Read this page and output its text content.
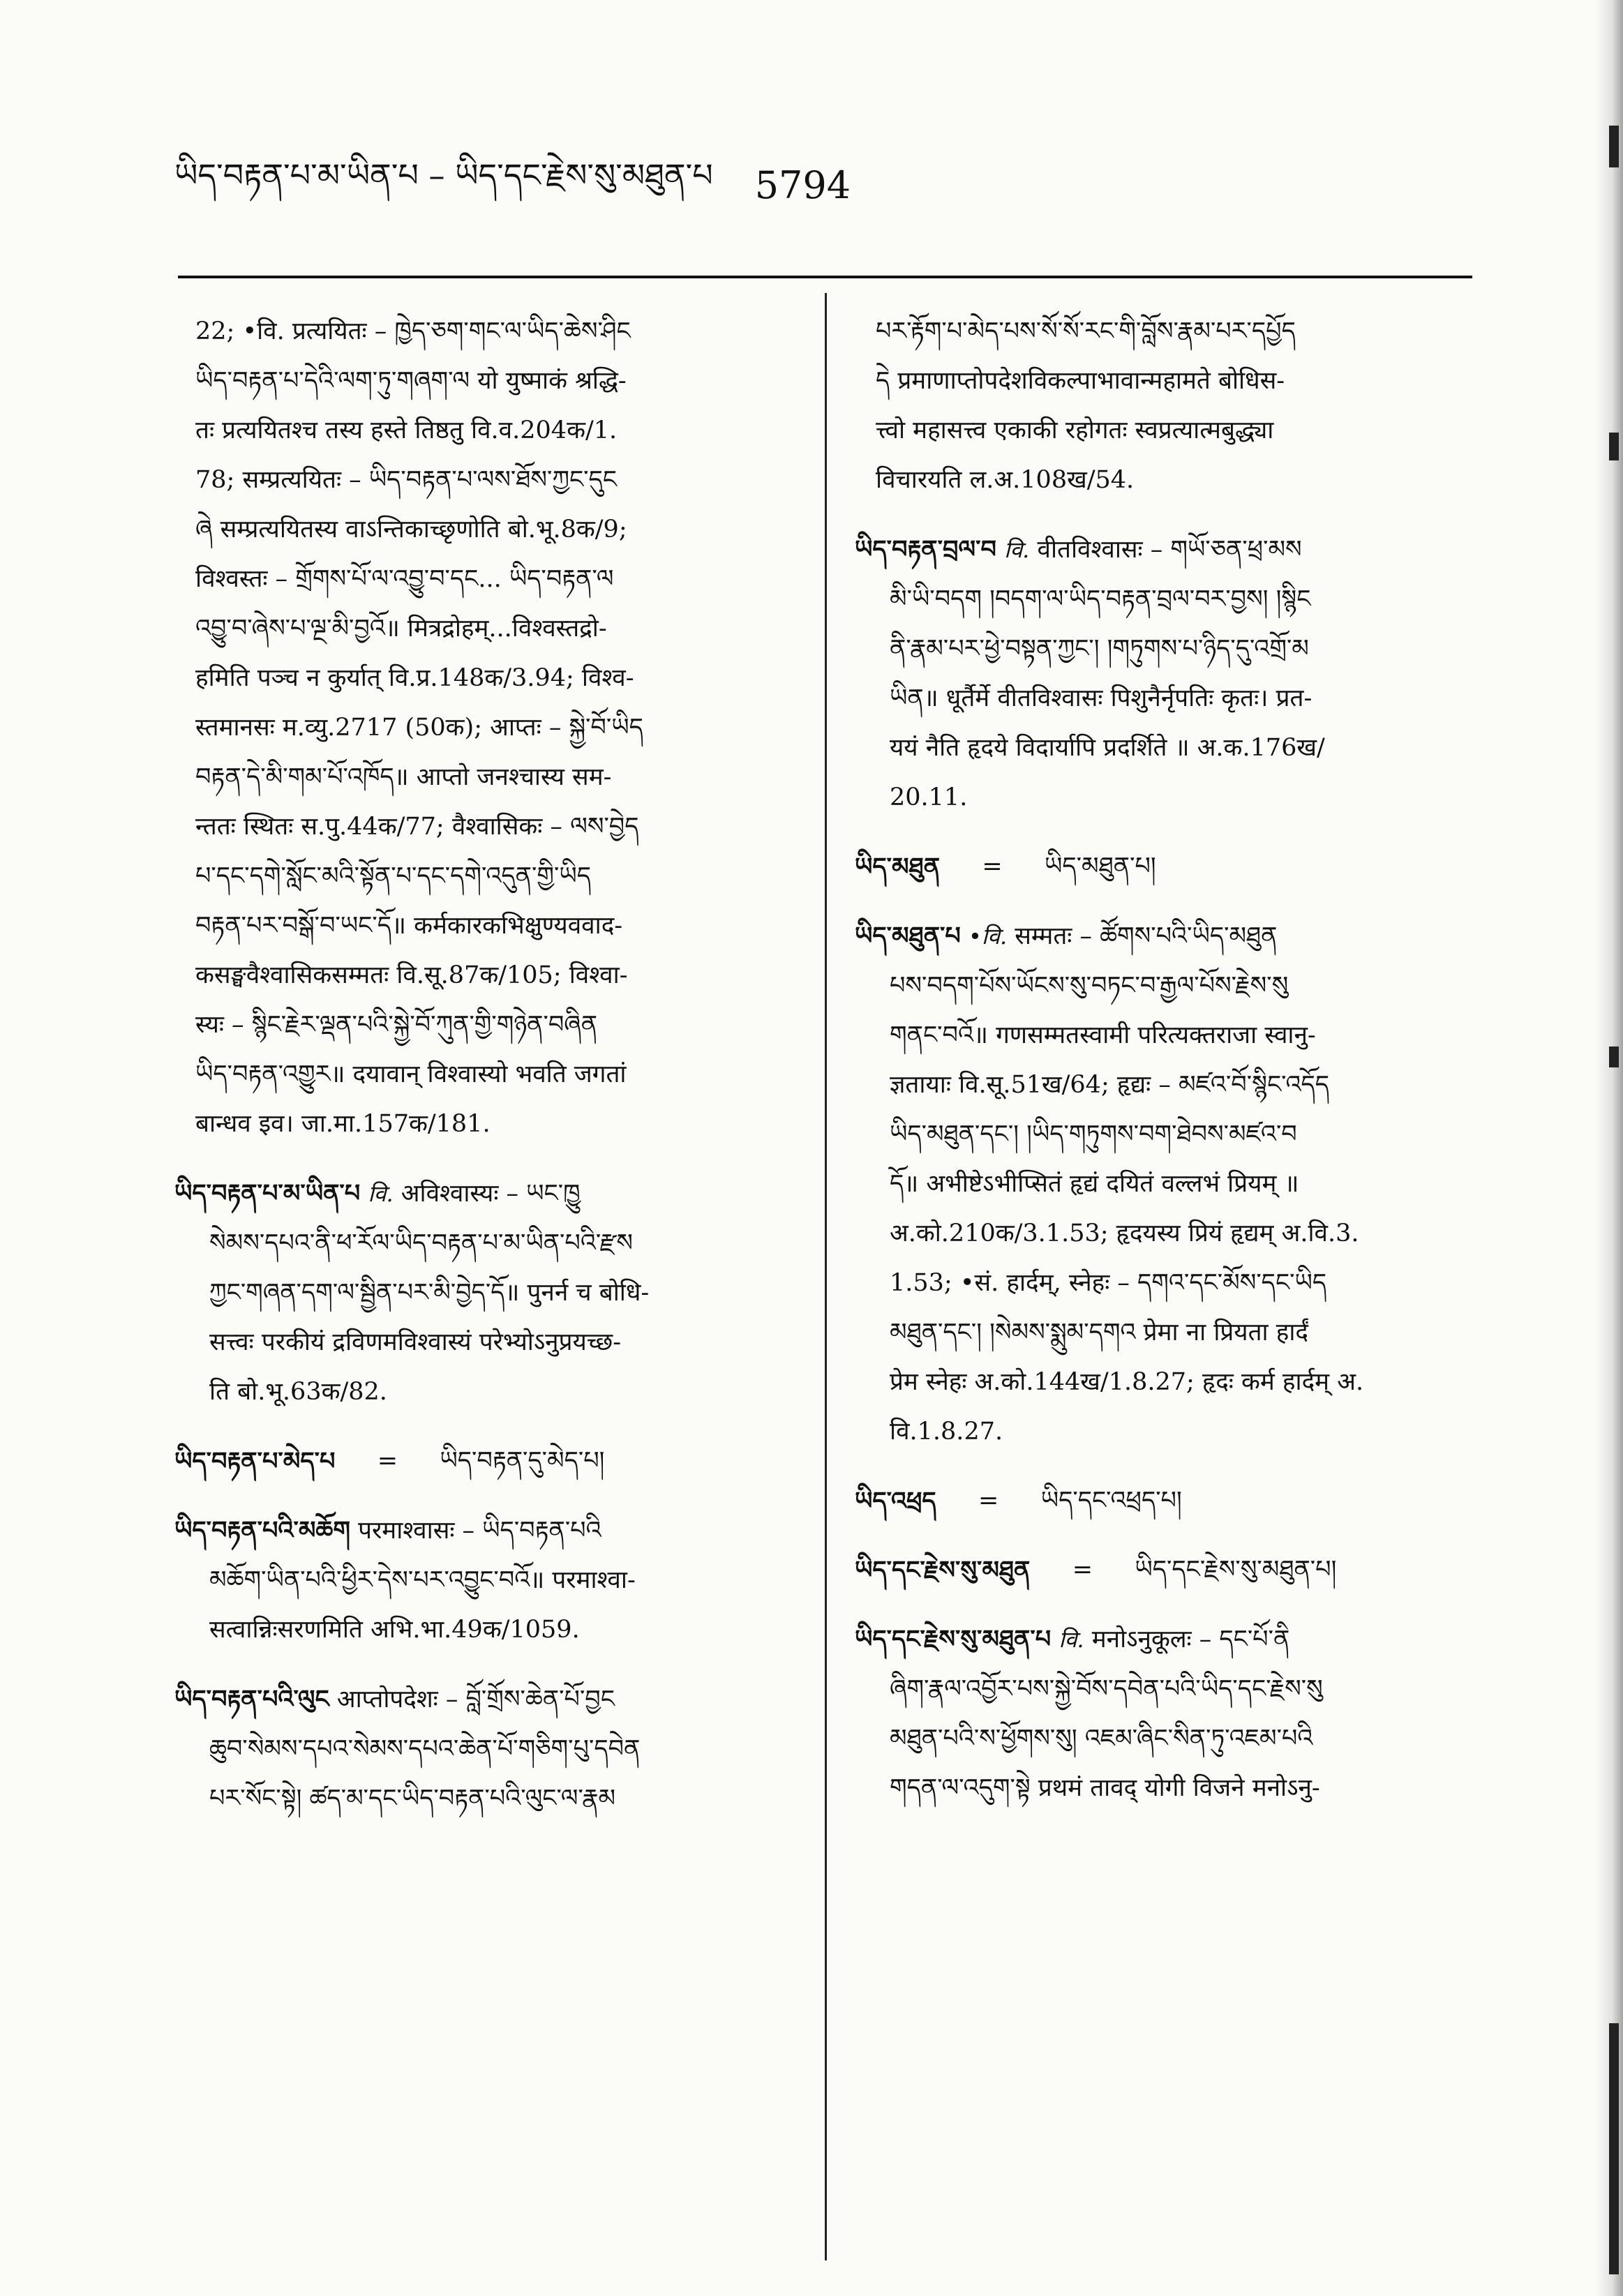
ཡིད་བརྟན་པ་མ་ཡིན་པ – ཡིད་དང་རྗེས་སུ་མཐུན་པ 5794
22; •वि. प्रत्ययितः – ཁྱེད་ཅག་གང་ལ་ཡིད་ཆེས་ཤིང
ཡིད་བརྟན་པ་དེའི་ལག་ཏུ་གཞག་ལ यो युष्माकं श्रद्धि-
तः प्रत्ययितश्च तस्य हस्ते तिष्ठतु वि.व.204क/1.
78; सम्प्रत्ययितः – ཡིད་བརྟན་པ་ལས་ཐོས་ཀྱང་དུང
ཞེ सम्प्रत्ययितस्य वाऽन्तिकाच्छृणोति बो.भू.8क/9;
विश्वस्तः – གྲོགས་པོ་ལ་འབྱུ་བ་དང... ཡིད་བརྟན་ལ
འབྱུ་བ་ཞེས་པ་ལྔ་མི་བྱའོ॥ मित्रद्रोहम्...विश्वस्तद्रो-
हमिति पञ्च न कुर्यात् वि.प्र.148क/3.94; विश्व-
स्तमानसः म.व्यु.2717 (50क); आप्तः – སྐྱེ་བོ་ཡིད
བརྟན་དེ་མི་གམ་པོ་འཁོད॥ आप्तो जनश्चास्य सम-
न्ततः स्थितः स.पु.44क/77; वैश्वासिकः – ལས་བྱེད
པ་དང་དགེ་སློང་མའི་སྟོན་པ་དང་དགེ་འདུན་གྱི་ཡིད
བརྟན་པར་བསྒོ་བ་ཡང་དོ॥ कर्मकारकभिक्षुण्यववाद-
कसङ्घवैश्वासिकसम्मतः वि.सू.87क/105; विश्वा-
स्यः – སྙིང་རྗེར་ལྡན་པའི་སྐྱེ་བོ་ཀུན་གྱི་གཉེན་བཞིན
ཡིད་བརྟན་འགྱུར॥ दयावान् विश्वास्यो भवति जगतां
बान्धव इव। जा.मा.157क/181.
ཡིད་བརྟན་པ་མ་ཡིན་པ वि. अविश्वास्यः – ཡང་ཁྱུ
སེམས་དཔའ་ནི་ཕ་རོལ་ཡིད་བརྟན་པ་མ་ཡིན་པའི་རྫས
ཀྱང་གཞན་དག་ལ་སྦྱིན་པར་མི་བྱེད་དོ॥ पुनर्न च बोधि-
सत्त्वः परकीयं द्रविणमविश्वास्यं परेभ्योऽनुप्रयच्छ-
ति बो.भू.63क/82.
ཡིད་བརྟན་པ་མེད་པ	=	ཡིད་བརྟན་དུ་མེད་པ།
ཡིད་བརྟན་པའི་མཆོག परमाश्वासः – ཡིད་བརྟན་པའི
མཆོག་ཡིན་པའི་ཕྱིར་དེས་པར་འབྱུང་བའོ॥ परमाश्वा-
सत्वान्निःसरणमिति अभि.भा.49क/1059.
ཡིད་བརྟན་པའི་ལུང आप्तोपदेशः – བློ་གྲོས་ཆེན་པོ་བྱང
ཆུབ་སེམས་དཔའ་སེམས་དཔའ་ཆེན་པོ་གཅིག་པུ་དབེན
པར་སོང་སྟེ། ཚད་མ་དང་ཡིད་བརྟན་པའི་ལུང་ལ་རྣམ
པར་རྟོག་པ་མེད་པས་སོ་སོ་རང་གི་བློས་རྣམ་པར་དཔྱོད
དེ प्रमाणाप्तोपदेशविकल्पाभावान्महामते बोधिस-
त्त्वो महासत्त्व एकाकी रहोगतः स्वप्रत्यात्मबुद्ध्या
विचारयति ल.अ.108ख/54.
ཡིད་བརྟན་བྲལ་བ वि. वीतविश्वासः – གཡོ་ཅན་ཕྲ་མས
མི་ཡི་བདག །བདག་ལ་ཡིད་བརྟན་བྲལ་བར་བྱས། །སྙིང
ནི་རྣམ་པར་ཕྱེ་བསྟན་ཀྱང་། །གཏུགས་པ་ཉིད་དུ་འགྲོ་མ
ཡིན॥ धूर्तैर्मे वीतविश्वासः पिशुनैर्नृपतिः कृतः। प्रत-
ययं नैति हृदये विदार्यापि प्रदर्शिते ॥ अ.क.176ख/
20.11.
ཡིད་མཐུན	=	ཡིད་མཐུན་པ།
ཡིད་མཐུན་པ •वि. सम्मतः – ཚོགས་པའི་ཡིད་མཐུན
པས་བདག་པོས་ཡོངས་སུ་བཏང་བ་རྒྱལ་པོས་རྗེས་སུ
གནང་བའོ॥ गणसम्मतस्वामी परित्यक्तराजा स्वानु-
ज्ञतायाः वि.सू.51ख/64; हृद्यः – མཛའ་བོ་སྙིང་འདོད
ཡིད་མཐུན་དང་། །ཡིད་གཏུགས་བག་ཐེབས་མཛའ་བ
དོ॥ अभीष्टेऽभीप्सितं हृद्यं दयितं वल्लभं प्रियम् ॥
अ.को.210क/3.1.53; हृदयस्य प्रियं हृद्यम् अ.वि.3.
1.53; •सं. हार्दम्, स्नेहः – དགའ་དང་མོས་དང་ཡིད
མཐུན་དང་། །སེམས་སྨུམ་དགའ प्रेमा ना प्रियता हार्दं
प्रेम स्नेहः अ.को.144ख/1.8.27; हृदः कर्म हार्दम् अ.
वि.1.8.27.
ཡིད་འཕྲད	=	ཡིད་དང་འཕྲད་པ།
ཡིད་དང་རྗེས་སུ་མཐུན	=	ཡིད་དང་རྗེས་སུ་མཐུན་པ།
ཡིད་དང་རྗེས་སུ་མཐུན་པ वि. मनोऽनुकूलः – དང་པོ་ནི
ཞིག་རྣལ་འབྱོར་པས་སྐྱེ་བོས་དབེན་པའི་ཡིད་དང་རྗེས་སུ
མཐུན་པའི་ས་ཕྱོགས་སུ། འཇམ་ཞིང་སིན་ཏུ་འཇམ་པའི
གདན་ལ་འདུག་སྟེ प्रथमं तावद् योगी विजने मनोऽनु-
